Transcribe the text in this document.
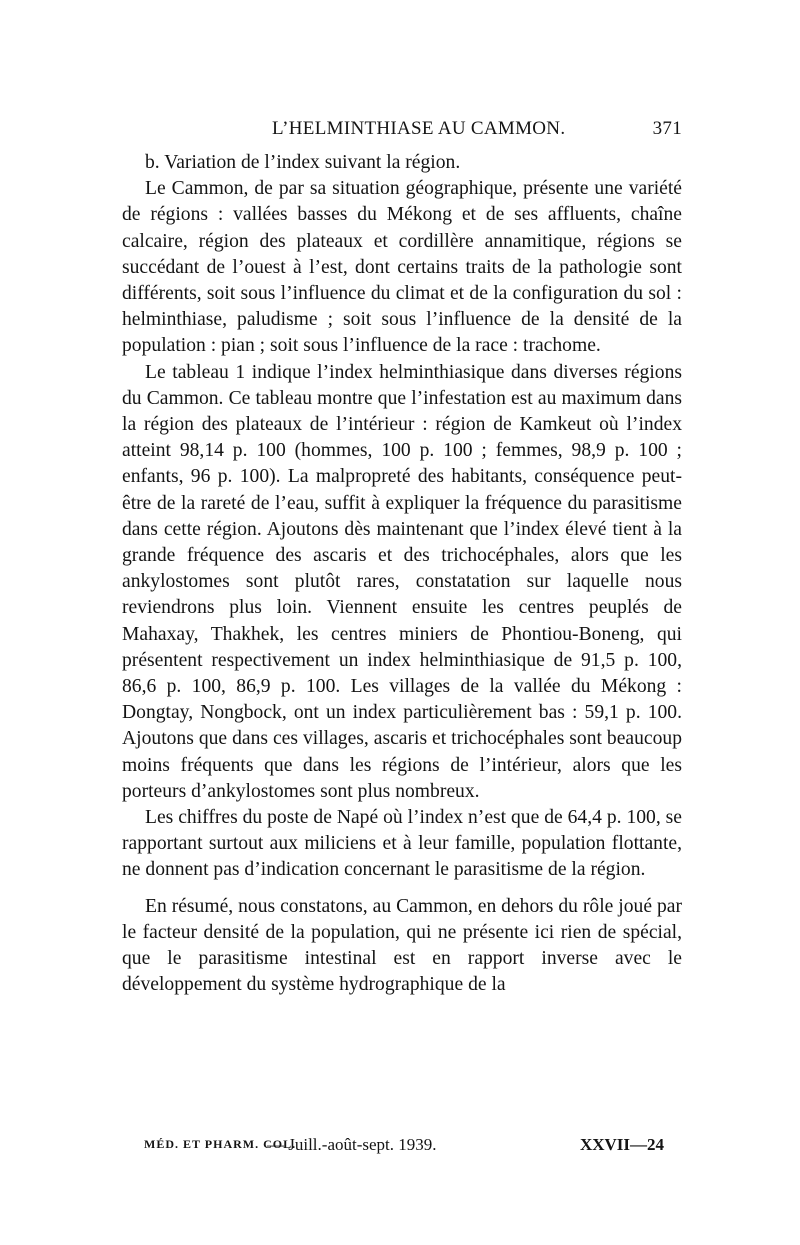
L’HELMINTHIASE AU CAMMON.	371

b. Variation de l’index suivant la région.

Le Cammon, de par sa situation géographique, présente une variété de régions : vallées basses du Mékong et de ses affluents, chaîne calcaire, région des plateaux et cordillère annamitique, régions se succédant de l’ouest à l’est, dont certains traits de la pathologie sont différents, soit sous l’influence du climat et de la configuration du sol : helminthiase, paludisme ; soit sous l’influence de la densité de la population : pian ; soit sous l’influence de la race : trachome.

Le tableau 1 indique l’index helminthiasique dans diverses régions du Cammon. Ce tableau montre que l’infestation est au maximum dans la région des plateaux de l’intérieur : région de Kamkeut où l’index atteint 98,14 p. 100 (hommes, 100 p. 100 ; femmes, 98,9 p. 100 ; enfants, 96 p. 100). La malpropreté des habitants, conséquence peut-être de la rareté de l’eau, suffit à expliquer la fréquence du parasitisme dans cette région. Ajoutons dès maintenant que l’index élevé tient à la grande fréquence des ascaris et des trichocéphales, alors que les ankylostomes sont plutôt rares, constatation sur laquelle nous reviendrons plus loin. Viennent ensuite les centres peuplés de Mahaxay, Thakhek, les centres miniers de Phontiou-Boneng, qui présentent respectivement un index helminthiasique de 91,5 p. 100, 86,6 p. 100, 86,9 p. 100. Les villages de la vallée du Mékong : Dongtay, Nongbock, ont un index particulièrement bas : 59,1 p. 100. Ajoutons que dans ces villages, ascaris et trichocéphales sont beaucoup moins fréquents que dans les régions de l’intérieur, alors que les porteurs d’ankylostomes sont plus nombreux.

Les chiffres du poste de Napé où l’index n’est que de 64,4 p. 100, se rapportant surtout aux miliciens et à leur famille, population flottante, ne donnent pas d’indication concernant le parasitisme de la région.

En résumé, nous constatons, au Cammon, en dehors du rôle joué par le facteur densité de la population, qui ne présente ici rien de spécial, que le parasitisme intestinal est en rapport inverse avec le développement du système hydrographique de la

MÉD. ET PHARM. COL.
— Juill.-août-sept. 1939.	XXVII—24
